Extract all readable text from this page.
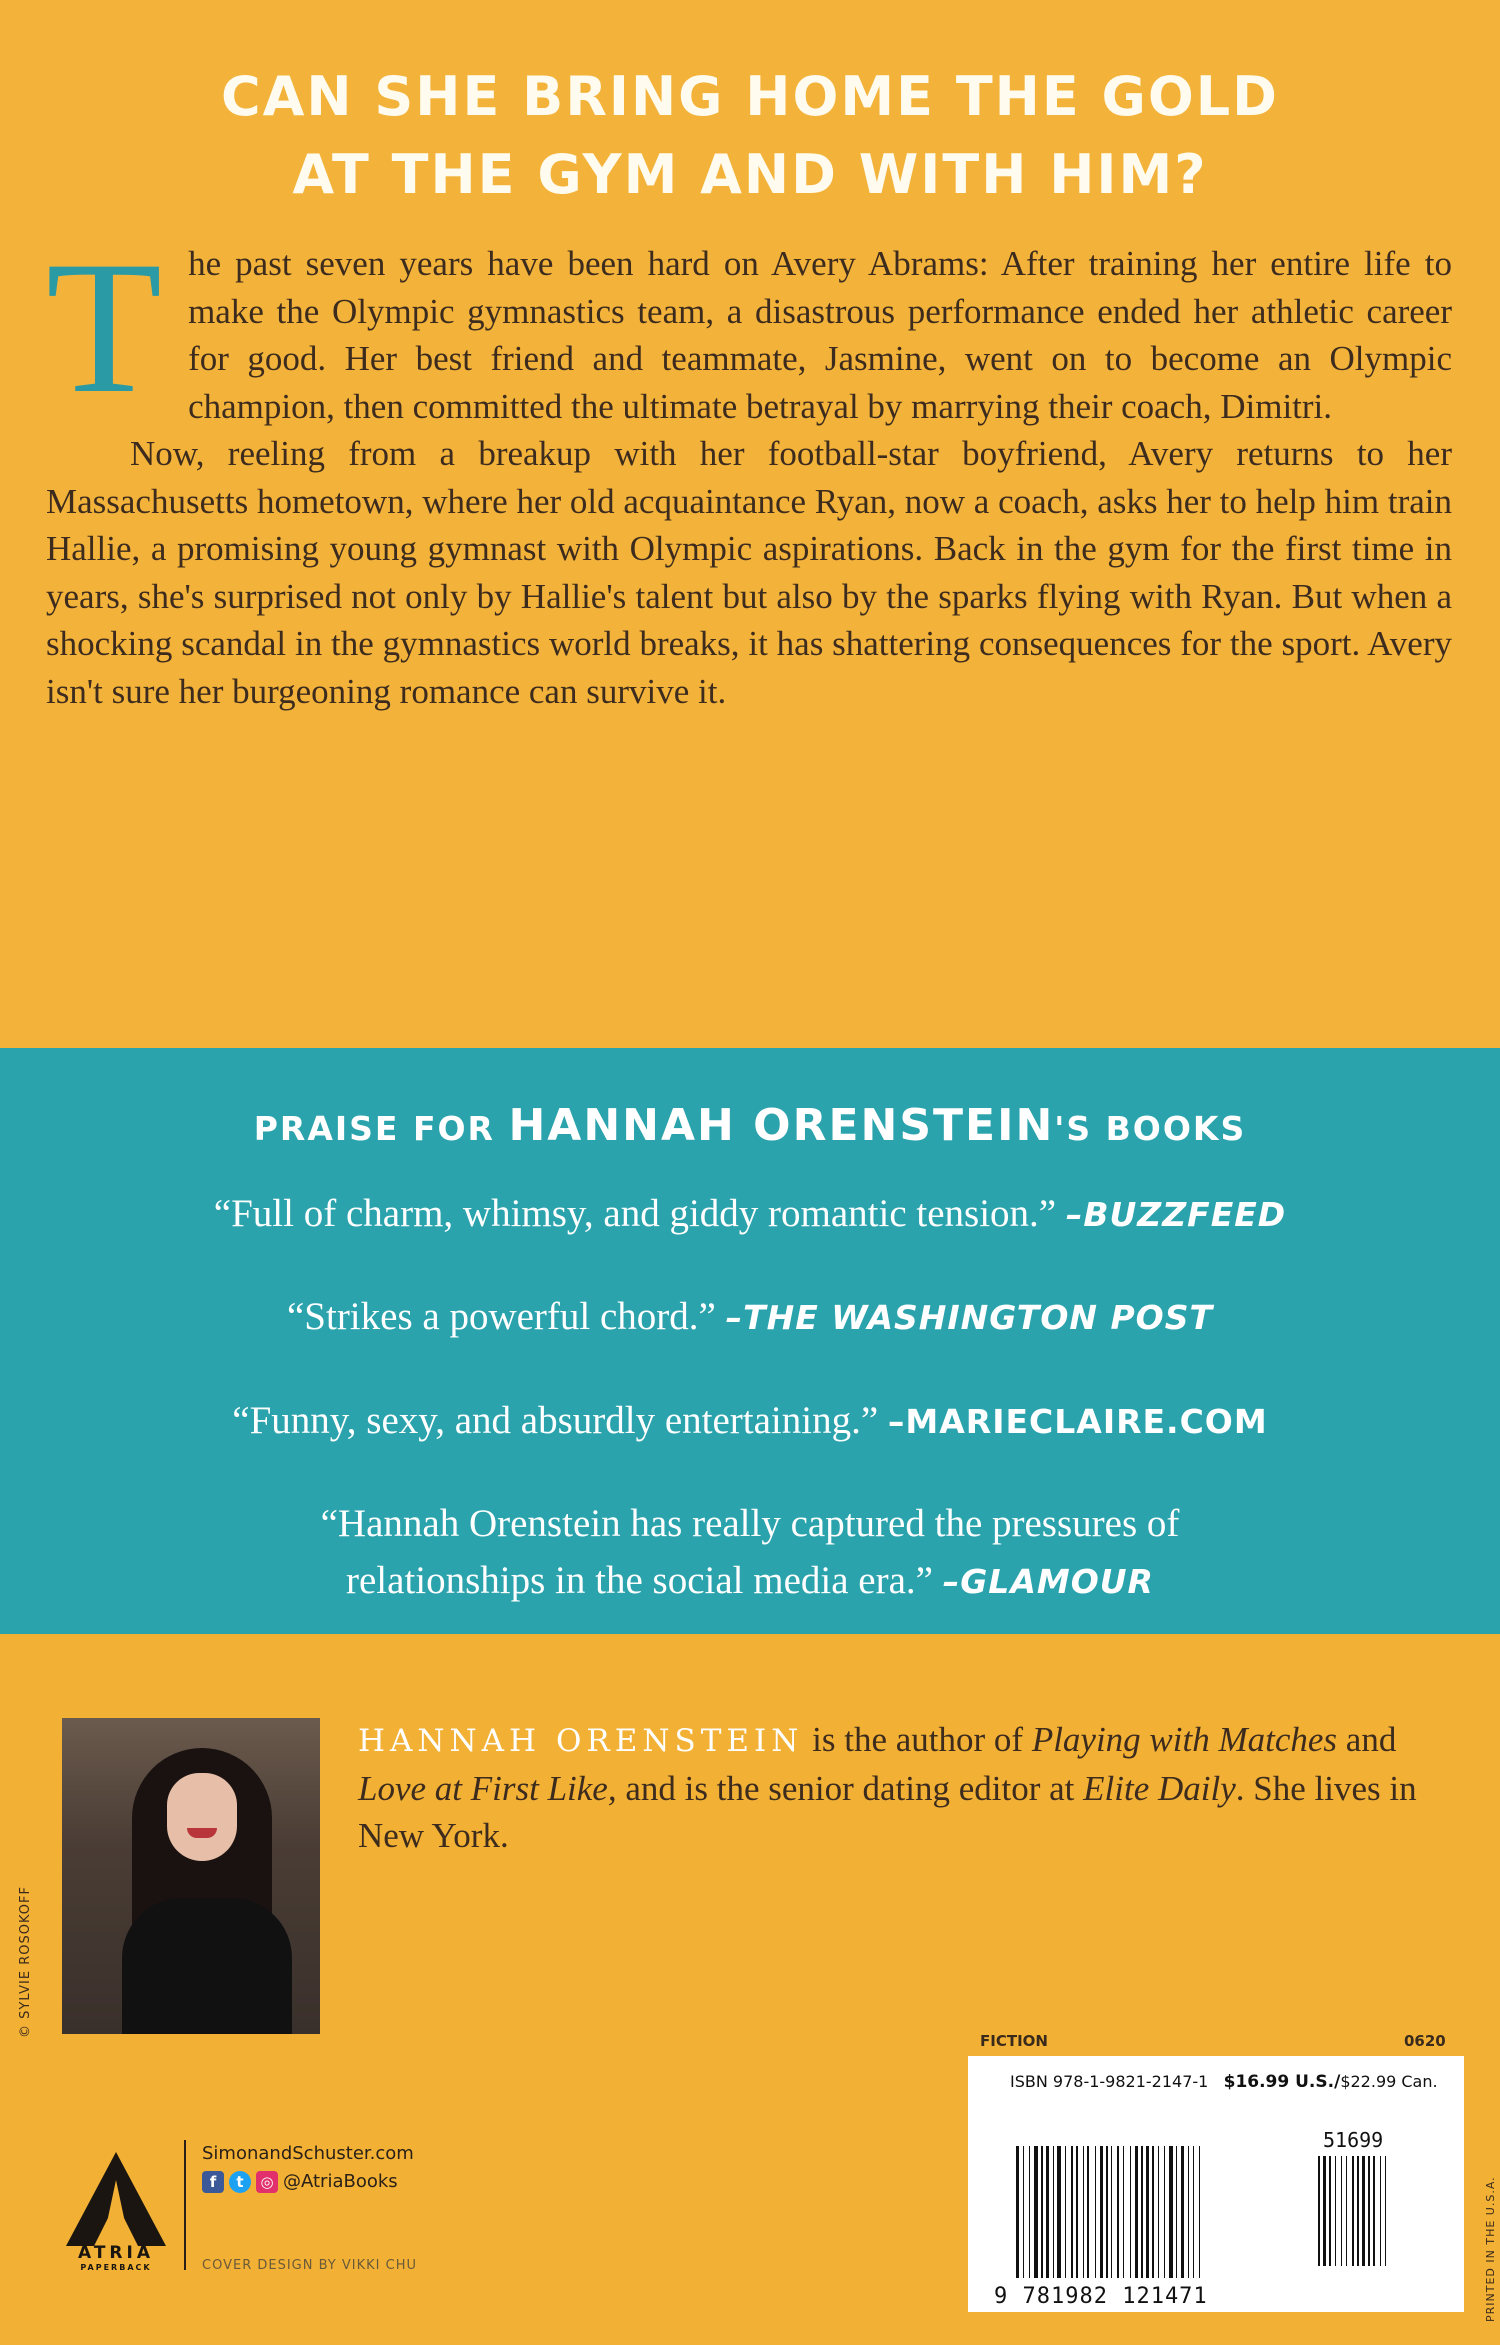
CAN SHE BRING HOME THE GOLD
AT THE GYM AND WITH HIM?

The past seven years have been hard on Avery Abrams: After training her entire life to make the Olympic gymnastics team, a disastrous performance ended her athletic career for good. Her best friend and teammate, Jasmine, went on to become an Olympic champion, then committed the ultimate betrayal by marrying their coach, Dimitri.

Now, reeling from a breakup with her football-star boyfriend, Avery returns to her Massachusetts hometown, where her old acquaintance Ryan, now a coach, asks her to help him train Hallie, a promising young gymnast with Olympic aspirations. Back in the gym for the first time in years, she's surprised not only by Hallie's talent but also by the sparks flying with Ryan. But when a shocking scandal in the gymnastics world breaks, it has shattering consequences for the sport. Avery isn't sure her burgeoning romance can survive it.

PRAISE FOR HANNAH ORENSTEIN'S BOOKS
“Full of charm, whimsy, and giddy romantic tension.” –BUZZFEED
“Strikes a powerful chord.” –THE WASHINGTON POST
“Funny, sexy, and absurdly entertaining.” –MARIECLAIRE.COM
“Hannah Orenstein has really captured the pressures of
relationships in the social media era.” –GLAMOUR
© SYLVIE ROSOKOFF
HANNAH ORENSTEIN is the author of Playing with Matches and Love at First Like, and is the senior dating editor at Elite Daily. She lives in New York.
FICTION	0620
ISBN 978-1-9821-2147-1 $16.99 U.S./$22.99 Can.
51699
9 781982 121471	PRINTED IN THE U.S.A.
ATRIA
PAPERBACK
SimonandSchuster.com
f t ◎ @AtriaBooks
COVER DESIGN BY VIKKI CHU
